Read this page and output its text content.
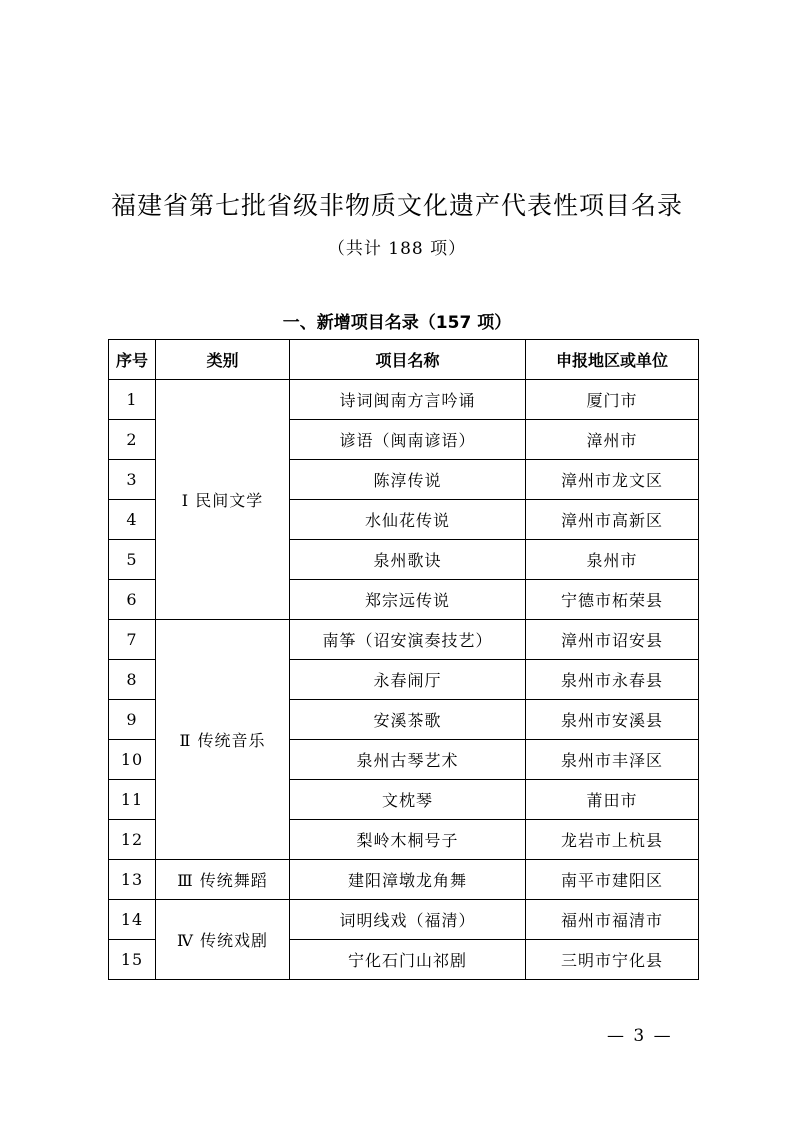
福建省第七批省级非物质文化遗产代表性项目名录
（共计 188 项）
一、新增项目名录（157 项）
序号	类别	项目名称	申报地区或单位
1	Ⅰ 民间文学	诗词闽南方言吟诵	厦门市
2		谚语（闽南谚语）	漳州市
3		陈淳传说	漳州市龙文区
4		水仙花传说	漳州市高新区
5		泉州歌诀	泉州市
6		郑宗远传说	宁德市柘荣县
7	Ⅱ 传统音乐	南筝（诏安演奏技艺）	漳州市诏安县
8		永春闹厅	泉州市永春县
9		安溪茶歌	泉州市安溪县
10		泉州古琴艺术	泉州市丰泽区
11		文枕琴	莆田市
12		梨岭木桐号子	龙岩市上杭县
13	Ⅲ 传统舞蹈	建阳漳墩龙角舞	南平市建阳区
14	Ⅳ 传统戏剧	词明线戏（福清）	福州市福清市
15		宁化石门山祁剧	三明市宁化县
— 3 —
